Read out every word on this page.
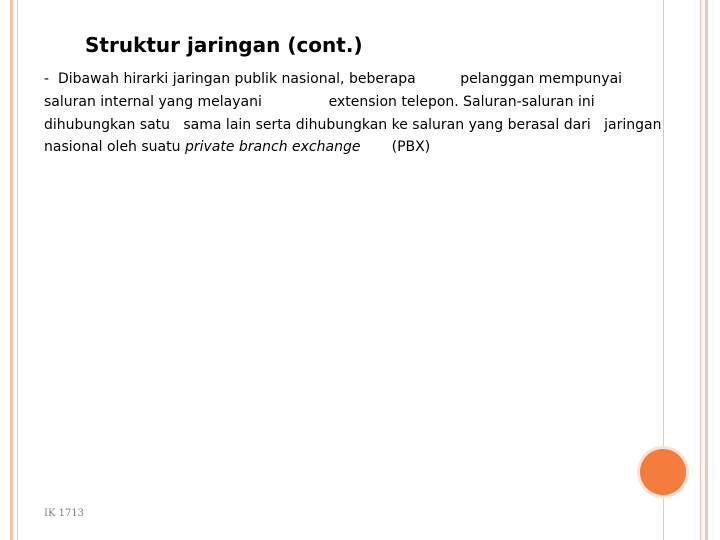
Struktur jaringan (cont.)

-  Dibawah hirarki jaringan publik nasional, beberapa          pelanggan mempunyai

saluran internal yang melayani               extension telepon. Saluran-saluran ini

dihubungkan satu   sama lain serta dihubungkan ke saluran yang berasal dari   jaringan

nasional oleh suatu private branch exchange       (PBX)

IK 1713
